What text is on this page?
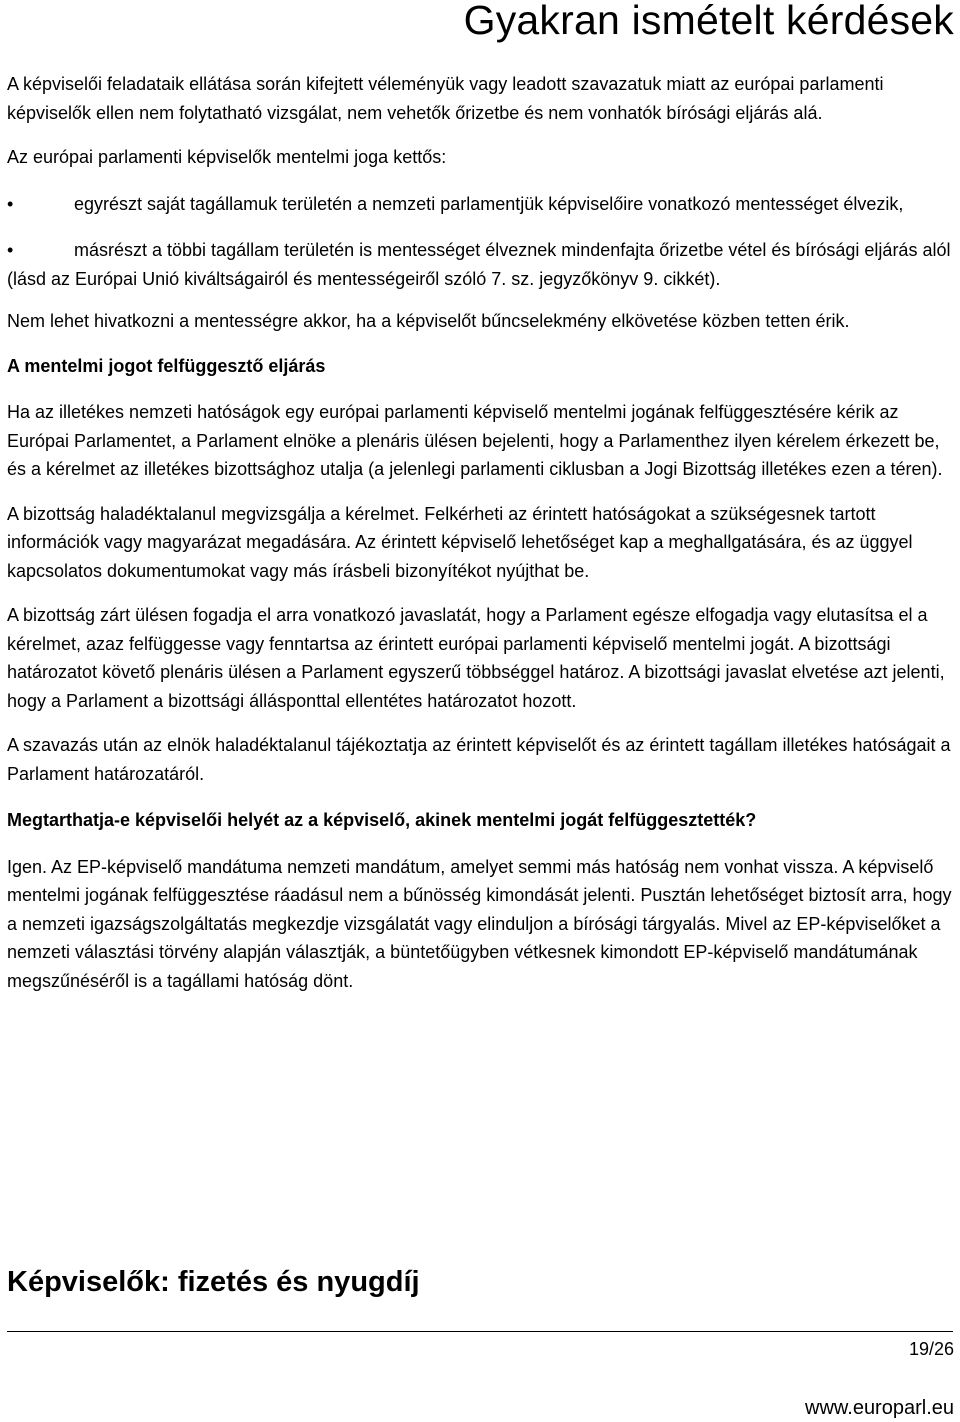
Gyakran ismételt kérdések

A képviselői feladataik ellátása során kifejtett véleményük vagy leadott szavazatuk miatt az európai parlamenti képviselők ellen nem folytatható vizsgálat, nem vehetők őrizetbe és nem vonhatók bírósági eljárás alá.

Az európai parlamenti képviselők mentelmi joga kettős:

•	egyrészt saját tagállamuk területén a nemzeti parlamentjük képviselőire vonatkozó mentességet élvezik,

•	másrészt a többi tagállam területén is mentességet élveznek mindenfajta őrizetbe vétel és bírósági eljárás alól (lásd az Európai Unió kiváltságairól és mentességeiről szóló 7. sz. jegyzőkönyv 9. cikkét).

Nem lehet hivatkozni a mentességre akkor, ha a képviselőt bűncselekmény elkövetése közben tetten érik.

A mentelmi jogot felfüggesztő eljárás

Ha az illetékes nemzeti hatóságok egy európai parlamenti képviselő mentelmi jogának felfüggesztésére kérik az Európai Parlamentet, a Parlament elnöke a plenáris ülésen bejelenti, hogy a Parlamenthez ilyen kérelem érkezett be, és a kérelmet az illetékes bizottsághoz utalja (a jelenlegi parlamenti ciklusban a Jogi Bizottság illetékes ezen a téren).

A bizottság haladéktalanul megvizsgálja a kérelmet. Felkérheti az érintett hatóságokat a szükségesnek tartott információk vagy magyarázat megadására. Az érintett képviselő lehetőséget kap a meghallgatására, és az üggyel kapcsolatos dokumentumokat vagy más írásbeli bizonyítékot nyújthat be.

A bizottság zárt ülésen fogadja el arra vonatkozó javaslatát, hogy a Parlament egésze elfogadja vagy elutasítsa el a kérelmet, azaz felfüggesse vagy fenntartsa az érintett európai parlamenti képviselő mentelmi jogát. A bizottsági határozatot követő plenáris ülésen a Parlament egyszerű többséggel határoz. A bizottsági javaslat elvetése azt jelenti, hogy a Parlament a bizottsági állásponttal ellentétes határozatot hozott.

A szavazás után az elnök haladéktalanul tájékoztatja az érintett képviselőt és az érintett tagállam illetékes hatóságait a Parlament határozatáról.

Megtarthatja-e képviselői helyét az a képviselő, akinek mentelmi jogát felfüggesztették?

Igen. Az EP-képviselő mandátuma nemzeti mandátum, amelyet semmi más hatóság nem vonhat vissza. A képviselő mentelmi jogának felfüggesztése ráadásul nem a bűnösség kimondását jelenti. Pusztán lehetőséget biztosít arra, hogy a nemzeti igazságszolgáltatás megkezdje vizsgálatát vagy elinduljon a bírósági tárgyalás. Mivel az EP-képviselőket a nemzeti választási törvény alapján választják, a büntetőügyben vétkesnek kimondott EP-képviselő mandátumának megszűnéséről is a tagállami hatóság dönt.

Képviselők: fizetés és nyugdíj
19/26
www.europarl.eu
